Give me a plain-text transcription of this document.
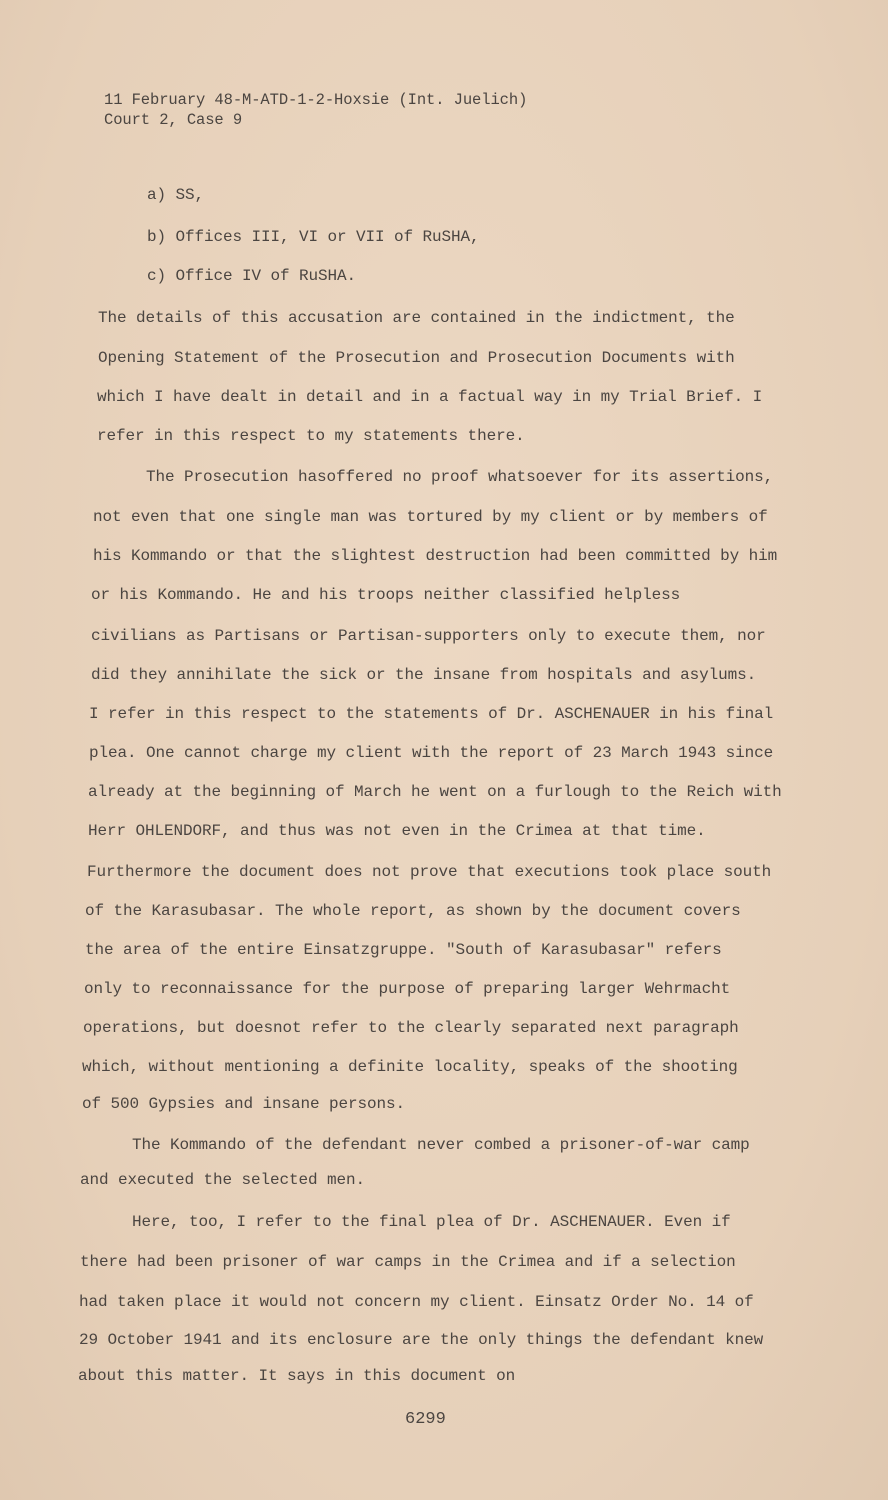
11 February 48-M-ATD-1-2-Hoxsie (Int. Juelich)
Court 2, Case 9
a) SS,
b) Offices III, VI or VII of RuSHA,
c) Office IV of RuSHA.
The details of this accusation are contained in the indictment, the
Opening Statement of the Prosecution and Prosecution Documents with
which I have dealt in detail and in a factual way in my Trial Brief. I
refer in this respect to my statements there.
The Prosecution hasoffered no proof whatsoever for its assertions,
not even that one single man was tortured by my client or by members of
his Kommando or that the slightest destruction had been committed by him
or his Kommando. He and his troops neither classified helpless
civilians as Partisans or Partisan-supporters only to execute them, nor
did they annihilate the sick or the insane from hospitals and asylums.
I refer in this respect to the statements of Dr. ASCHENAUER in his final
plea. One cannot charge my client with the report of 23 March 1943 since
already at the beginning of March he went on a furlough to the Reich with
Herr OHLENDORF, and thus was not even in the Crimea at that time.
Furthermore the document does not prove that executions took place south
of the Karasubasar. The whole report, as shown by the document covers
the area of the entire Einsatzgruppe. "South of Karasubasar" refers
only to reconnaissance for the purpose of preparing larger Wehrmacht
operations, but doesnot refer to the clearly separated next paragraph
which, without mentioning a definite locality, speaks of the shooting
of 500 Gypsies and insane persons.
The Kommando of the defendant never combed a prisoner-of-war camp
and executed the selected men.
Here, too, I refer to the final plea of Dr. ASCHENAUER. Even if
there had been prisoner of war camps in the Crimea and if a selection
had taken place it would not concern my client. Einsatz Order No. 14 of
29 October 1941 and its enclosure are the only things the defendant knew
about this matter. It says in this document on
6299
